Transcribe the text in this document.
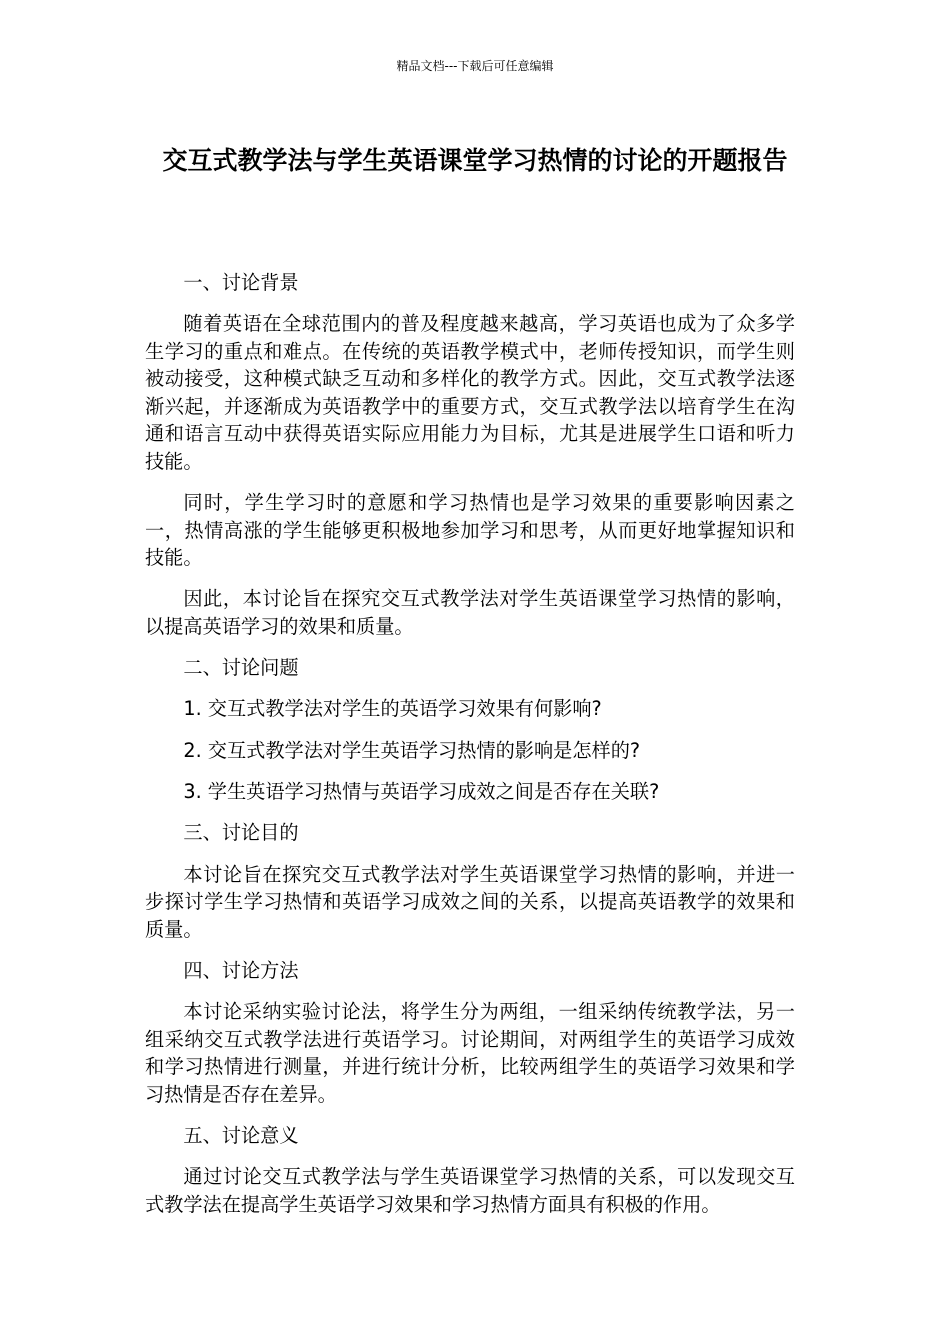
精品文档---下载后可任意编辑
交互式教学法与学生英语课堂学习热情的讨论的开题报告

一、讨论背景

随着英语在全球范围内的普及程度越来越高，学习英语也成为了众多学生学习的重点和难点。在传统的英语教学模式中，老师传授知识，而学生则被动接受，这种模式缺乏互动和多样化的教学方式。因此，交互式教学法逐渐兴起，并逐渐成为英语教学中的重要方式，交互式教学法以培育学生在沟通和语言互动中获得英语实际应用能力为目标，尤其是进展学生口语和听力技能。

同时，学生学习时的意愿和学习热情也是学习效果的重要影响因素之一，热情高涨的学生能够更积极地参加学习和思考，从而更好地掌握知识和技能。

因此，本讨论旨在探究交互式教学法对学生英语课堂学习热情的影响，以提高英语学习的效果和质量。

二、讨论问题

1. 交互式教学法对学生的英语学习效果有何影响?

2. 交互式教学法对学生英语学习热情的影响是怎样的?

3. 学生英语学习热情与英语学习成效之间是否存在关联?

三、讨论目的

本讨论旨在探究交互式教学法对学生英语课堂学习热情的影响，并进一步探讨学生学习热情和英语学习成效之间的关系，以提高英语教学的效果和质量。

四、讨论方法

本讨论采纳实验讨论法，将学生分为两组，一组采纳传统教学法，另一组采纳交互式教学法进行英语学习。讨论期间，对两组学生的英语学习成效和学习热情进行测量，并进行统计分析，比较两组学生的英语学习效果和学习热情是否存在差异。

五、讨论意义

通过讨论交互式教学法与学生英语课堂学习热情的关系，可以发现交互式教学法在提高学生英语学习效果和学习热情方面具有积极的作用。
